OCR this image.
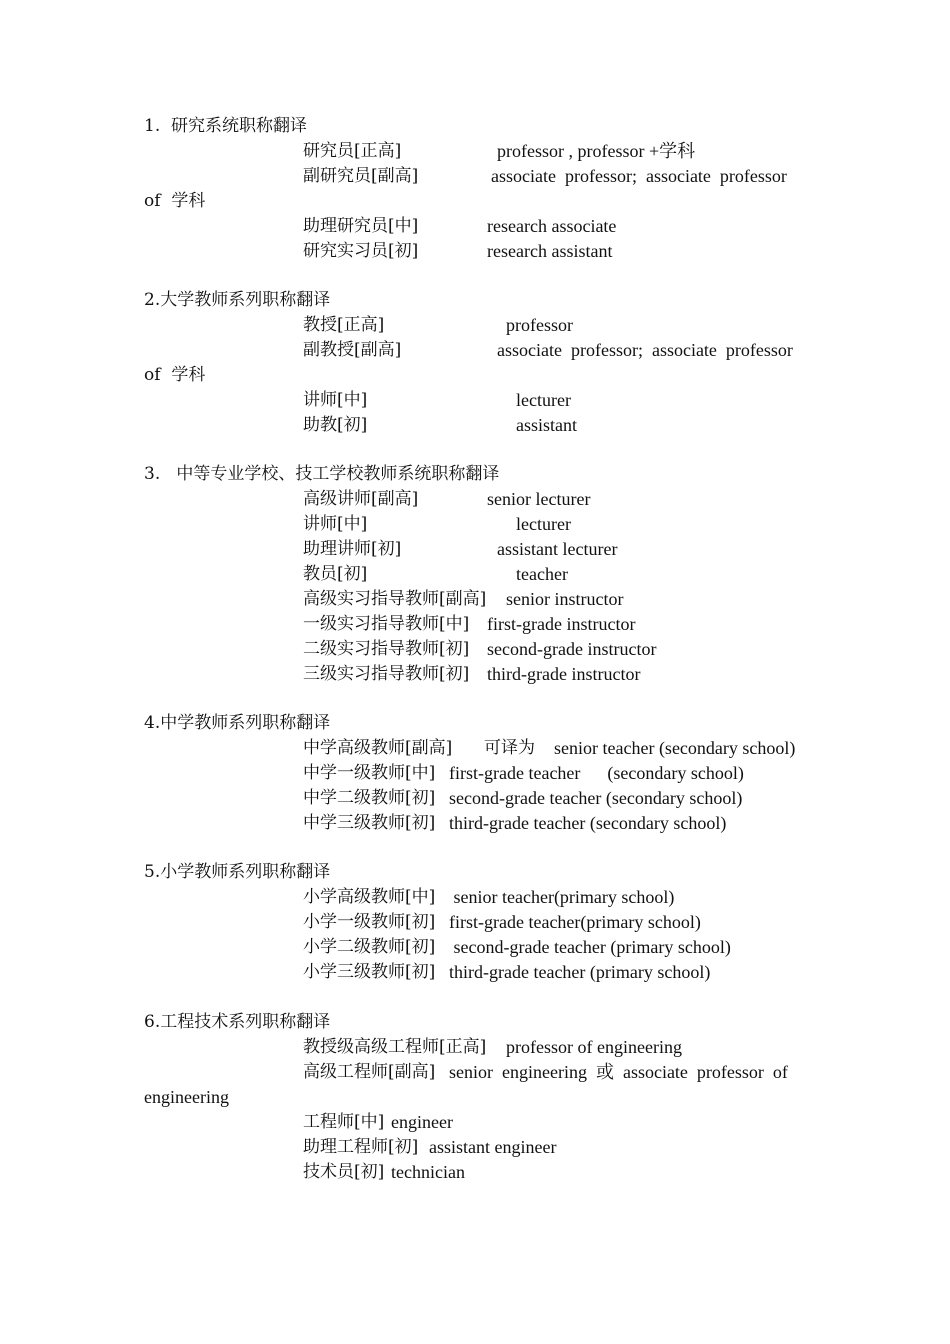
1.  研究系统职称翻译
研究员[正高]	professor , professor +学科
副研究员[副高]	associate  professor;  associate  professor
of  学科
助理研究员[中]	research associate
研究实习员[初]	research assistant
2.大学教师系列职称翻译
教授[正高]	professor
副教授[副高]	associate  professor;  associate  professor
of  学科
讲师[中]	lecturer
助教[初]	assistant
3.   中等专业学校、技工学校教师系统职称翻译
高级讲师[副高]	senior lecturer
讲师[中]	lecturer
助理讲师[初]	assistant lecturer
教员[初]	teacher
高级实习指导教师[副高] senior instructor
一级实习指导教师[中] first-grade instructor
二级实习指导教师[初] second-grade instructor
三级实习指导教师[初] third-grade instructor
4.中学教师系列职称翻译
中学高级教师[副高] 可译为 senior teacher (secondary school)
中学一级教师[中] first-grade teacher      (secondary school)
中学二级教师[初] second-grade teacher (secondary school)
中学三级教师[初] third-grade teacher (secondary school)
5.小学教师系列职称翻译
小学高级教师[中] senior teacher(primary school)
小学一级教师[初] first-grade teacher(primary school)
小学二级教师[初] second-grade teacher (primary school)
小学三级教师[初] third-grade teacher (primary school)
6.工程技术系列职称翻译
教授级高级工程师[正高] professor of engineering
高级工程师[副高] senior  engineering  或  associate  professor  of
engineering
工程师[中] engineer
助理工程师[初] assistant engineer
技术员[初] technician
